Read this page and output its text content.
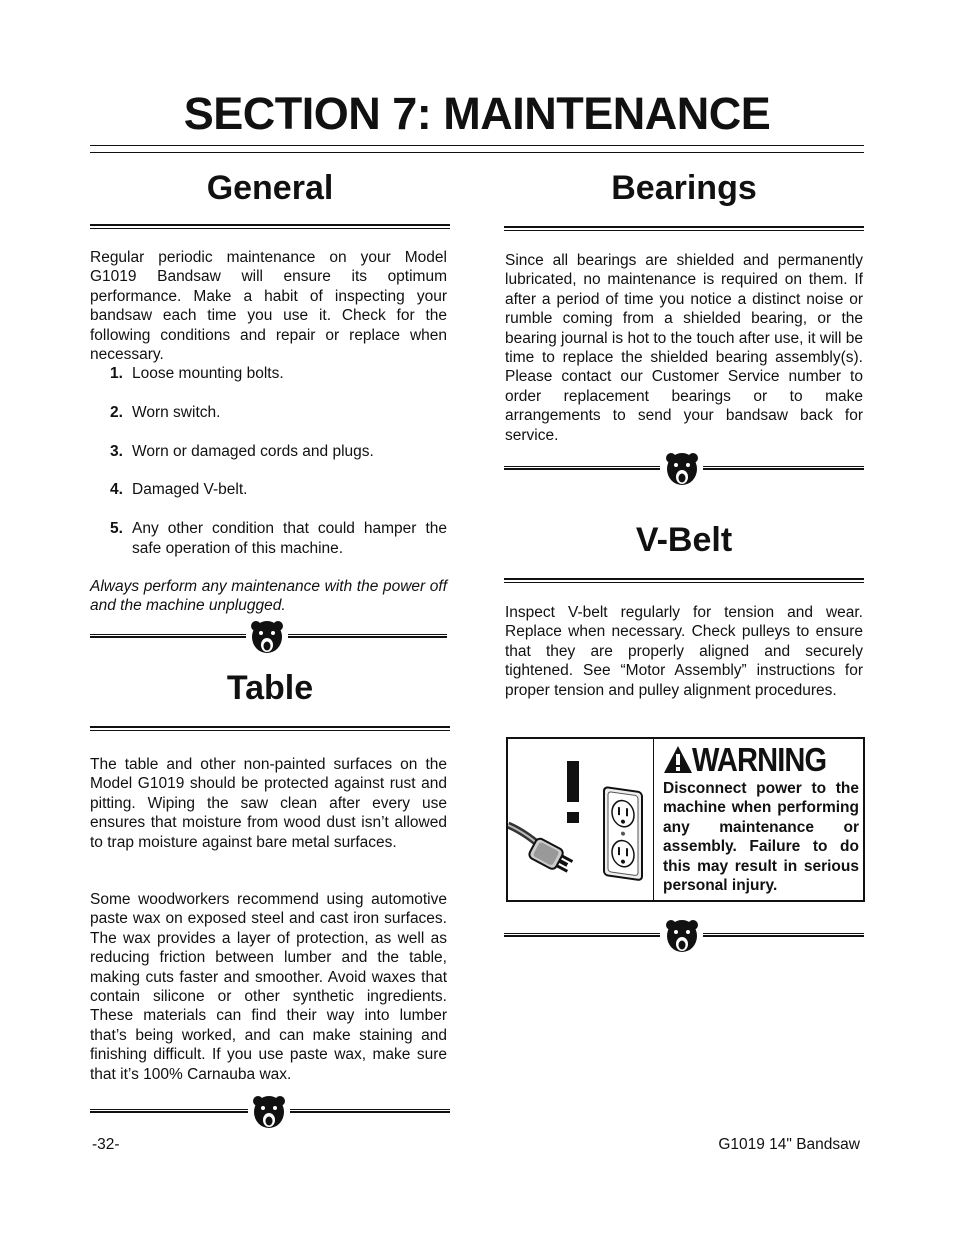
SECTION 7: MAINTENANCE
General

Regular periodic maintenance on your Model G1019 Bandsaw will ensure its optimum performance. Make a habit of inspecting your bandsaw each time you use it. Check for the following conditions and repair or replace when necessary.

1. Loose mounting bolts.
2. Worn switch.
3. Worn or damaged cords and plugs.
4. Damaged V-belt.
5. Any other condition that could hamper the safe operation of this machine.

Always perform any maintenance with the power off and the machine unplugged.

Table

The table and other non-painted surfaces on the Model G1019 should be protected against rust and pitting. Wiping the saw clean after every use ensures that moisture from wood dust isn’t allowed to trap moisture against bare metal surfaces.

Some woodworkers recommend using automotive paste wax on exposed steel and cast iron surfaces. The wax provides a layer of protection, as well as reducing friction between lumber and the table, making cuts faster and smoother. Avoid waxes that contain silicone or other synthetic ingredients. These materials can find their way into lumber that’s being worked, and can make staining and finishing difficult. If you use paste wax, make sure that it’s 100% Carnauba wax.

Bearings

Since all bearings are shielded and permanently lubricated, no maintenance is required on them. If after a period of time you notice a distinct noise or rumble coming from a shielded bearing, or the bearing journal is hot to the touch after use, it will be time to replace the shielded bearing assembly(s). Please contact our Customer Service number to order replacement bearings or to make arrangements to send your bandsaw back for service.

V-Belt

Inspect V-belt regularly for tension and wear. Replace when necessary. Check pulleys to ensure that they are properly aligned and securely tightened. See “Motor Assembly” instructions for proper tension and pulley alignment procedures.

WARNING
Disconnect power to the machine when performing any maintenance or assembly. Failure to do this may result in serious personal injury.
-32-	G1019 14" Bandsaw
